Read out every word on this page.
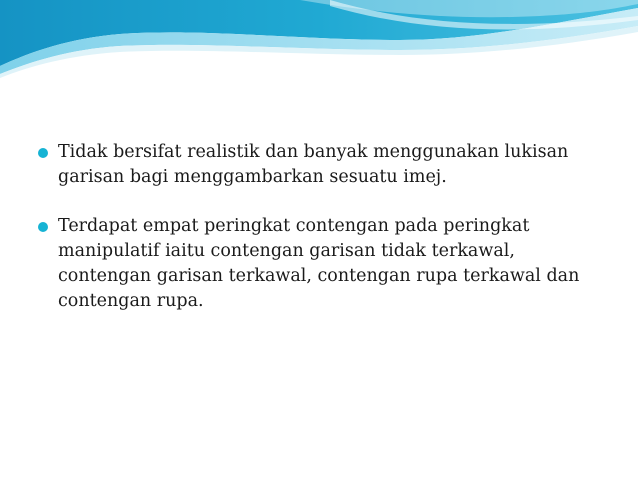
Tidak bersifat realistik dan banyak menggunakan lukisan garisan bagi menggambarkan sesuatu imej.
Terdapat empat peringkat contengan pada peringkat manipulatif iaitu contengan garisan tidak terkawal, contengan garisan terkawal, contengan rupa terkawal dan contengan rupa.
